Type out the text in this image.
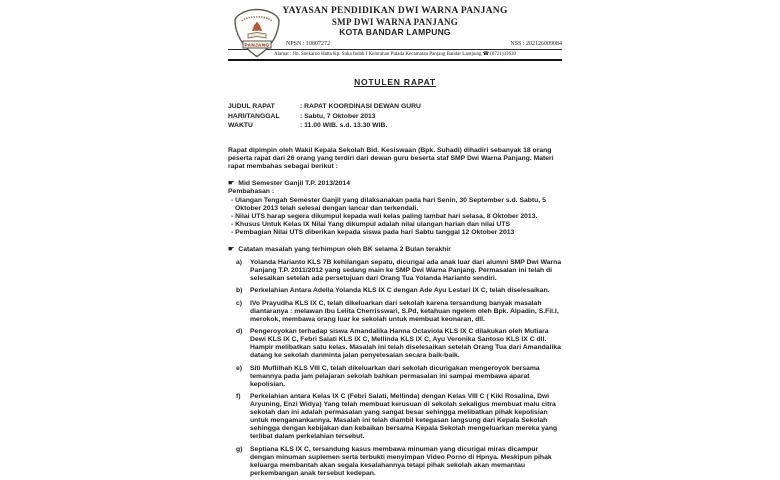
PANJANG
YAYASAN PENDIDIKAN DWI WARNA PANJANG
SMP DWI WARNA PANJANG
KOTA BANDAR LAMPUNG
NPSN : 10807272	NSS : 202126009084
Alamat : Jln. Soekarno Hatta Kp. Suka Indah I Kelurahan Pidada Kecamatan Panjang Bandar Lampung ☎ (0721)33630
NOTULEN RAPAT
JUDUL RAPAT	: RAPAT KOORDINASI DEWAN GURU
HARI/TANGGAL	: Sabtu, 7 Oktober 2013
WAKTU	: 11.00 WIB. s.d. 13.30 WIB.
Rapat dipimpin oleh Wakil Kepala Sekolah Bid. Kesiswaan (Bpk. Suhadi) dihadiri sebanyak 18 orang peserta rapat dari 26 orang yang terdiri dari dewan guru beserta staf SMP Dwi Warna Panjang. Materi rapat membahas sebagai berikut :
☛ Mid Semester Ganjil T.P. 2013/2014
Pembahasan :
- Ulangan Tengah Semester Ganjil yang dilaksanakan pada hari Senin, 30 September s.d. Sabtu, 5 Oktober 2013 telah selesai dengan lancar dan terkendali.
- Nilai UTS harap segera dikumpul kepada wali kelas paling lambat hari selasa, 8 Oktober 2013.
- Khusus Untuk Kelas IX Nilai Yang dikumpul adalah nilai ulangan harian dan nilai UTS
- Pembagian Nilai UTS diberikan kepada siswa pada hari Sabtu tanggal 12 Oktober 2013
☛ Catatan masalah yang terhimpun oleh BK selama 2 Bulan terakhir
a)	Yolanda Harianto KLS 7B kehilangan sepatu, dicurigai ada anak luar dari alumni SMP Dwi Warna Panjang T.P. 2011/2012 yang sedang main ke SMP Dwi Warna Panjang. Permasalan ini telah di selesaikan setelah ada persetujuan dari Orang Tua Yolanda Harianto sendiri.
b)	Perkelahian Antara Adella Yolanda KLS IX C dengan Ade Ayu Lestari IX C, telah diselesaikan.
c)	IVo Prayudha KLS IX C, telah dikeluarkan dari sekolah karena tersandung banyak masalah diantaranya : melawan Ibu Lelita Cherrisswari, S.Pd, ketahuan ngelem oleh Bpk. Alpadin, S.Fil.I, merokok, membawa orang luar ke sekolah untuk membuat keonaran, dll.
d)	Pengeroyokan terhadap siswa Amandalika Hanna Octaviola KLS IX C dilakukan oleh Mutiara Dewi KLS IX C, Febri Salati KLS IX C, Mellinda KLS IX C, Ayu Veronika Santoso KLS IX C dll. Hampir melibatkan satu kelas. Masalah ini telah diselesaikan setelah Orang Tua dari Amandalika datang ke sekolah danminta jalan penyelesaian secara baik-baik.
e)	Siti Muflilhah KLS VIII C, telah dikeluarkan dari sekolah dicurigakan mengeroyok bersama temannya pada jam pelajaran sekolah bahkan permasalan ini sampai membawa aparat kepolisian.
f)	Perkelahian antara Kelas IX C (Febri Salati, Mellinda) dengan Kelas VIII C ( Kiki Rosalina, Dwi Aryuning, Enzi Widya) Yang telah membuat kerusuan di sekolah sekaligus membuat malu citra sekolah dan ini adalah permasalan yang sangat besar sehingga melibatkan pihak kepolisian untuk mengamankannya. Masalah ini telah diambil ketegasan langsung dari Kepala Sekolah sehingga dengan kebijakan dan kebaikan bersama Kepala Sekolah mengeluarkan mereka yang terlibat dalam perkelahian tersebut.
g)	Septiana KLS IX C, tersandung kasus membawa minuman yang dicurigai miras dicampur dengan minuman suplemen serta terbukti menyimpan Video Porno di Hpnya. Meskipun pihak keluarga membantah akan segala kesalahannya tetapi pihak sekolah akan memantau perkembangan anak tersebut kedepan.
